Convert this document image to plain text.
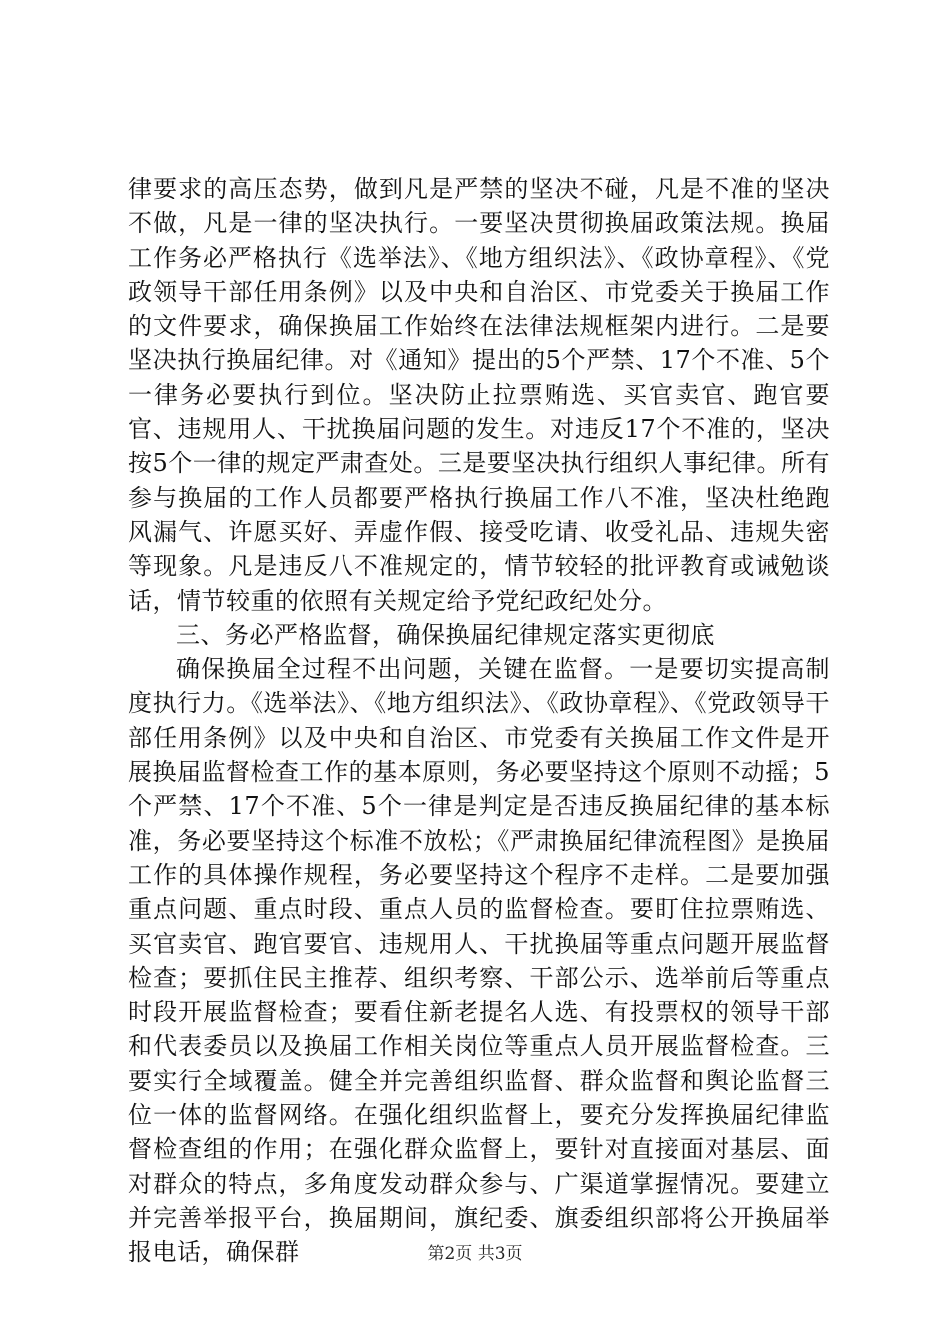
律要求的高压态势，做到凡是严禁的坚决不碰，凡是不准的坚决不做，凡是一律的坚决执行。一要坚决贯彻换届政策法规。换届工作务必严格执行《选举法》、《地方组织法》、《政协章程》、《党政领导干部任用条例》以及中央和自治区、市党委关于换届工作的文件要求，确保换届工作始终在法律法规框架内进行。二是要坚决执行换届纪律。对《通知》提出的5个严禁、17个不准、5个一律务必要执行到位。坚决防止拉票贿选、买官卖官、跑官要官、违规用人、干扰换届问题的发生。对违反17个不准的，坚决按5个一律的规定严肃查处。三是要坚决执行组织人事纪律。所有参与换届的工作人员都要严格执行换届工作八不准，坚决杜绝跑风漏气、许愿买好、弄虚作假、接受吃请、收受礼品、违规失密等现象。凡是违反八不准规定的，情节较轻的批评教育或诫勉谈话，情节较重的依照有关规定给予党纪政纪处分。

三、务必严格监督，确保换届纪律规定落实更彻底

确保换届全过程不出问题，关键在监督。一是要切实提高制度执行力。《选举法》、《地方组织法》、《政协章程》、《党政领导干部任用条例》以及中央和自治区、市党委有关换届工作文件是开展换届监督检查工作的基本原则，务必要坚持这个原则不动摇；5个严禁、17个不准、5个一律是判定是否违反换届纪律的基本标准，务必要坚持这个标准不放松；《严肃换届纪律流程图》是换届工作的具体操作规程，务必要坚持这个程序不走样。二是要加强重点问题、重点时段、重点人员的监督检查。要盯住拉票贿选、买官卖官、跑官要官、违规用人、干扰换届等重点问题开展监督检查；要抓住民主推荐、组织考察、干部公示、选举前后等重点时段开展监督检查；要看住新老提名人选、有投票权的领导干部和代表委员以及换届工作相关岗位等重点人员开展监督检查。三要实行全域覆盖。健全并完善组织监督、群众监督和舆论监督三位一体的监督网络。在强化组织监督上，要充分发挥换届纪律监督检查组的作用；在强化群众监督上，要针对直接面对基层、面对群众的特点，多角度发动群众参与、广渠道掌握情况。要建立并完善举报平台，换届期间，旗纪委、旗委组织部将公开换届举报电话，确保群	第2页 共3页
